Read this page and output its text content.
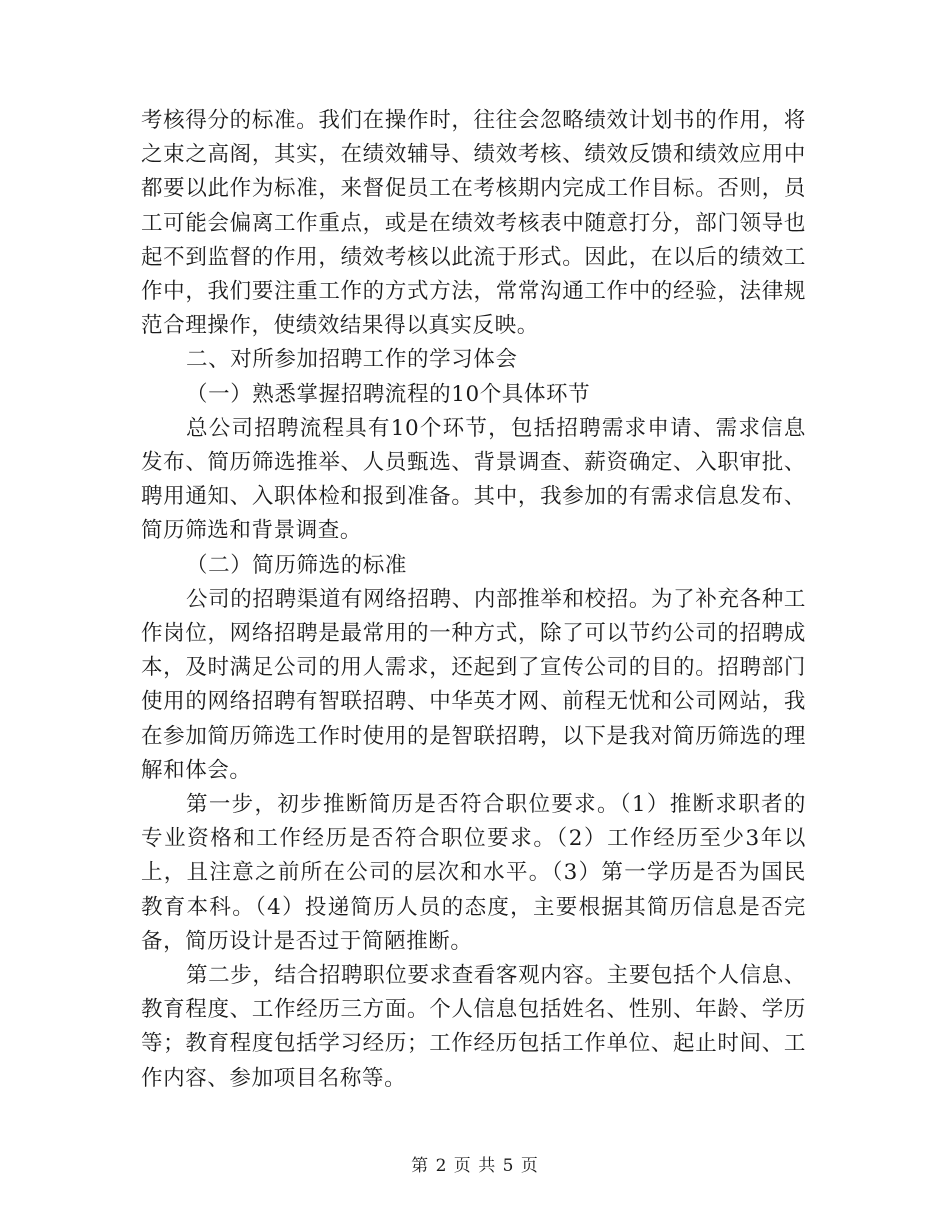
考核得分的标准。我们在操作时，往往会忽略绩效计划书的作用，将之束之高阁，其实，在绩效辅导、绩效考核、绩效反馈和绩效应用中都要以此作为标准，来督促员工在考核期内完成工作目标。否则，员工可能会偏离工作重点，或是在绩效考核表中随意打分，部门领导也起不到监督的作用，绩效考核以此流于形式。因此，在以后的绩效工作中，我们要注重工作的方式方法，常常沟通工作中的经验，法律规范合理操作，使绩效结果得以真实反映。

二、对所参加招聘工作的学习体会

（一）熟悉掌握招聘流程的10个具体环节

总公司招聘流程具有10个环节，包括招聘需求申请、需求信息发布、简历筛选推举、人员甄选、背景调查、薪资确定、入职审批、聘用通知、入职体检和报到准备。其中，我参加的有需求信息发布、简历筛选和背景调查。

（二）简历筛选的标准

公司的招聘渠道有网络招聘、内部推举和校招。为了补充各种工作岗位，网络招聘是最常用的一种方式，除了可以节约公司的招聘成本，及时满足公司的用人需求，还起到了宣传公司的目的。招聘部门使用的网络招聘有智联招聘、中华英才网、前程无忧和公司网站，我在参加简历筛选工作时使用的是智联招聘，以下是我对简历筛选的理解和体会。

第一步，初步推断简历是否符合职位要求。（1）推断求职者的专业资格和工作经历是否符合职位要求。（2）工作经历至少3年以上，且注意之前所在公司的层次和水平。（3）第一学历是否为国民教育本科。（4）投递简历人员的态度，主要根据其简历信息是否完备，简历设计是否过于简陋推断。

第二步，结合招聘职位要求查看客观内容。主要包括个人信息、教育程度、工作经历三方面。个人信息包括姓名、性别、年龄、学历等；教育程度包括学习经历；工作经历包括工作单位、起止时间、工作内容、参加项目名称等。

第 2 页 共 5 页
